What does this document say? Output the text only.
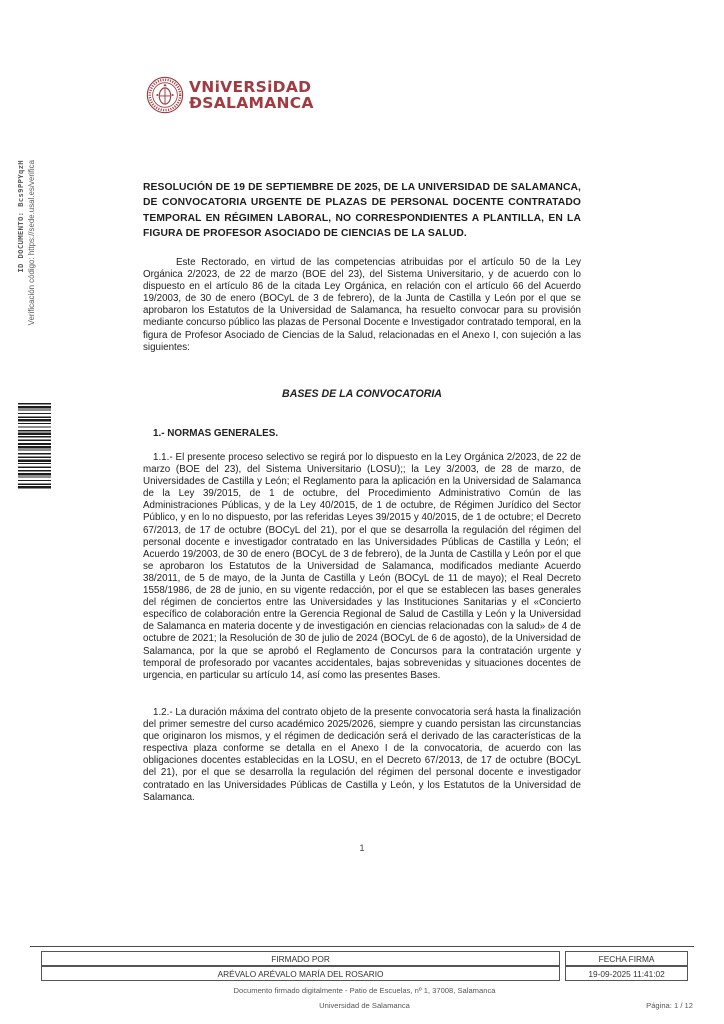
ID DOCUMENTO: Bcs9PPYqzH Verificación código: https://sede.usal.es/verifica
VNiVERSiDAD
ÐSALAMANCA
RESOLUCIÓN DE 19 DE SEPTIEMBRE DE 2025, DE LA UNIVERSIDAD DE SALAMANCA, DE CONVOCATORIA URGENTE DE PLAZAS DE PERSONAL DOCENTE CONTRATADO TEMPORAL EN RÉGIMEN LABORAL, NO CORRESPONDIENTES A PLANTILLA, EN LA FIGURA DE PROFESOR ASOCIADO DE CIENCIAS DE LA SALUD.
Este Rectorado, en virtud de las competencias atribuidas por el artículo 50 de la Ley Orgánica 2/2023, de 22 de marzo (BOE del 23), del Sistema Universitario, y de acuerdo con lo dispuesto en el artículo 86 de la citada Ley Orgánica, en relación con el artículo 66 del Acuerdo 19/2003, de 30 de enero (BOCyL de 3 de febrero), de la Junta de Castilla y León por el que se aprobaron los Estatutos de la Universidad de Salamanca, ha resuelto convocar para su provisión mediante concurso público las plazas de Personal Docente e Investigador contratado temporal, en la figura de Profesor Asociado de Ciencias de la Salud, relacionadas en el Anexo I, con sujeción a las siguientes:
BASES DE LA CONVOCATORIA
1.- NORMAS GENERALES.
1.1.- El presente proceso selectivo se regirá por lo dispuesto en la Ley Orgánica 2/2023, de 22 de marzo (BOE del 23), del Sistema Universitario (LOSU);; la Ley 3/2003, de 28 de marzo, de Universidades de Castilla y León; el Reglamento para la aplicación en la Universidad de Salamanca de la Ley 39/2015, de 1 de octubre, del Procedimiento Administrativo Común de las Administraciones Públicas, y de la Ley 40/2015, de 1 de octubre, de Régimen Jurídico del Sector Público, y en lo no dispuesto, por las referidas Leyes 39/2015 y 40/2015, de 1 de octubre; el Decreto 67/2013, de 17 de octubre (BOCyL del 21), por el que se desarrolla la regulación del régimen del personal docente e investigador contratado en las Universidades Públicas de Castilla y León; el Acuerdo 19/2003, de 30 de enero (BOCyL de 3 de febrero), de la Junta de Castilla y León por el que se aprobaron los Estatutos de la Universidad de Salamanca, modificados mediante Acuerdo 38/2011, de 5 de mayo, de la Junta de Castilla y León (BOCyL de 11 de mayo); el Real Decreto 1558/1986, de 28 de junio, en su vigente redacción, por el que se establecen las bases generales del régimen de conciertos entre las Universidades y las Instituciones Sanitarias y el «Concierto específico de colaboración entre la Gerencia Regional de Salud de Castilla y León y la Universidad de Salamanca en materia docente y de investigación en ciencias relacionadas con la salud» de 4 de octubre de 2021; la Resolución de 30 de julio de 2024 (BOCyL de 6 de agosto), de la Universidad de Salamanca, por la que se aprobó el Reglamento de Concursos para la contratación urgente y temporal de profesorado por vacantes accidentales, bajas sobrevenidas y situaciones docentes de urgencia, en particular su artículo 14, así como las presentes Bases.
1.2.- La duración máxima del contrato objeto de la presente convocatoria será hasta la finalización del primer semestre del curso académico 2025/2026, siempre y cuando persistan las circunstancias que originaron los mismos, y el régimen de dedicación será el derivado de las características de la respectiva plaza conforme se detalla en el Anexo I de la convocatoria, de acuerdo con las obligaciones docentes establecidas en la LOSU, en el Decreto 67/2013, de 17 de octubre (BOCyL del 21), por el que se desarrolla la regulación del régimen del personal docente e investigador contratado en las Universidades Públicas de Castilla y León, y los Estatutos de la Universidad de Salamanca.
1
FIRMADO POR	FECHA FIRMA
ARÉVALO ARÉVALO MARÍA DEL ROSARIO	19-09-2025 11:41:02
Documento firmado digitalmente - Patio de Escuelas, nº 1, 37008, Salamanca
Universidad de Salamanca	Página: 1 / 12
